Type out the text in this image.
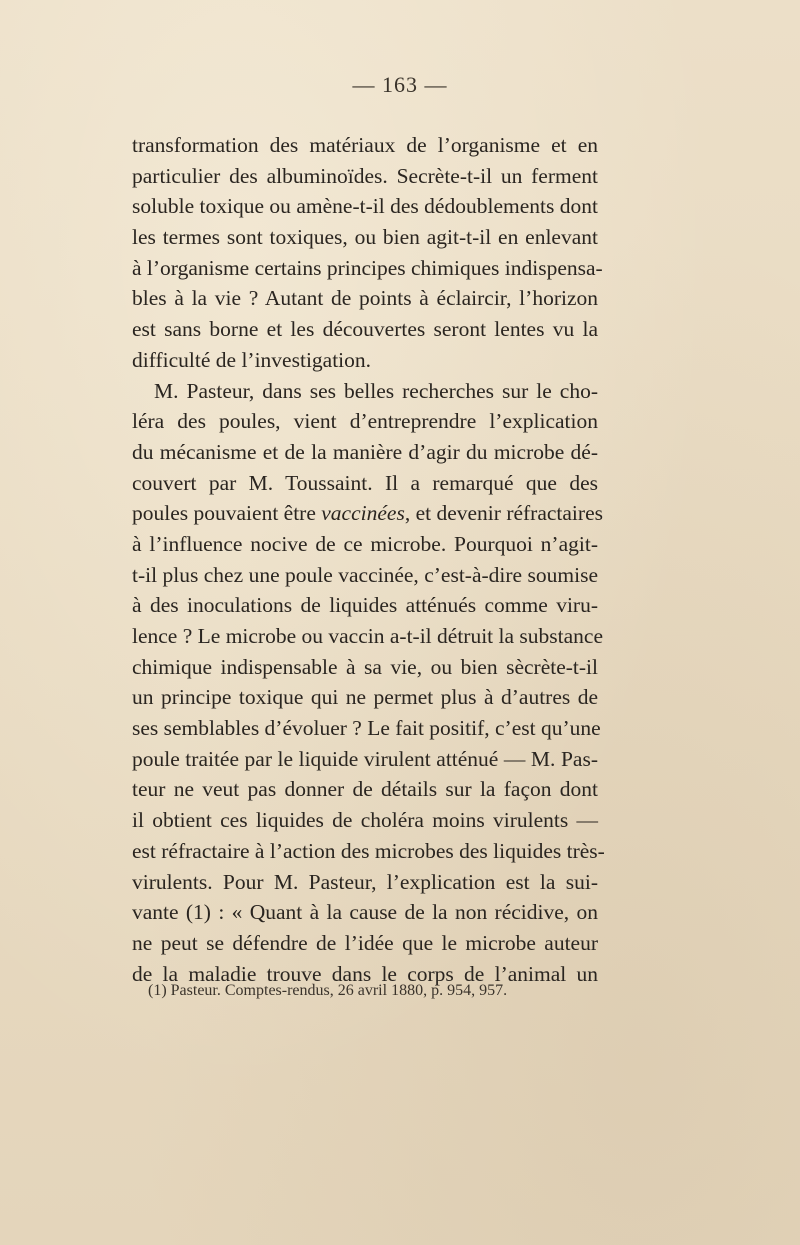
— 163 —
transformation des matériaux de l’organisme et en
particulier des albuminoïdes. Secrète-t-il un ferment
soluble toxique ou amène-t-il des dédoublements dont
les termes sont toxiques, ou bien agit-t-il en enlevant
à l’organisme certains principes chimiques indispensa-
bles à la vie ? Autant de points à éclaircir, l’horizon
est sans borne et les découvertes seront lentes vu la
difficulté de l’investigation.
M. Pasteur, dans ses belles recherches sur le cho-
léra des poules, vient d’entreprendre l’explication
du mécanisme et de la manière d’agir du microbe dé-
couvert par M. Toussaint. Il a remarqué que des
poules pouvaient être vaccinées, et devenir réfractaires
à l’influence nocive de ce microbe. Pourquoi n’agit-
t-il plus chez une poule vaccinée, c’est-à-dire soumise
à des inoculations de liquides atténués comme viru-
lence ? Le microbe ou vaccin a-t-il détruit la substance
chimique indispensable à sa vie, ou bien sècrète-t-il
un principe toxique qui ne permet plus à d’autres de
ses semblables d’évoluer ? Le fait positif, c’est qu’une
poule traitée par le liquide virulent atténué — M. Pas-
teur ne veut pas donner de détails sur la façon dont
il obtient ces liquides de choléra moins virulents —
est réfractaire à l’action des microbes des liquides très-
virulents. Pour M. Pasteur, l’explication est la sui-
vante (1) : « Quant à la cause de la non récidive, on
ne peut se défendre de l’idée que le microbe auteur
de la maladie trouve dans le corps de l’animal un
(1) Pasteur. Comptes-rendus, 26 avril 1880, p. 954, 957.
